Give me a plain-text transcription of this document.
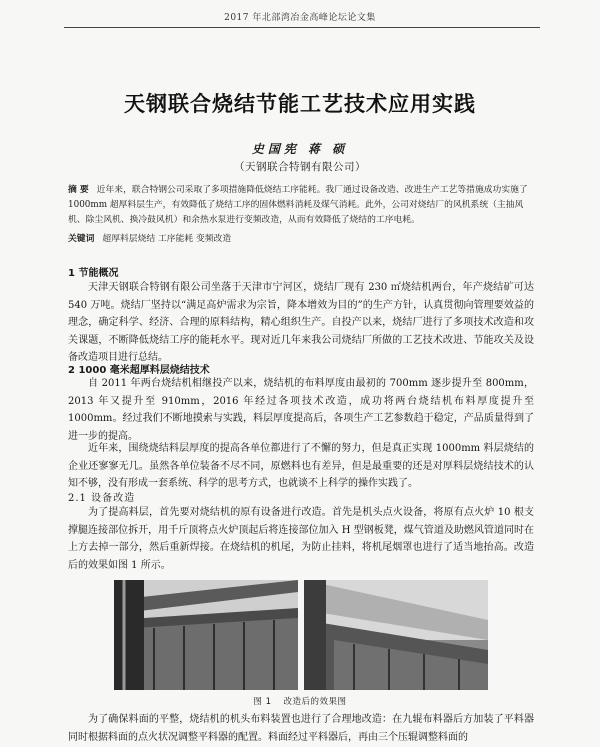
2017 年北部湾冶金高峰论坛论文集
天钢联合烧结节能工艺技术应用实践
史国宪 蒋 硕
（天钢联合特钢有限公司）
摘 要 近年来，联合特钢公司采取了多项措施降低烧结工序能耗。我厂通过设备改造、改进生产工艺等措施成功实施了 1000mm 超厚料层生产，有效降低了烧结工序的固体燃料消耗及煤气消耗。此外，公司对烧结厂的风机系统（主抽风机、除尘风机、换冷鼓风机）和余热水泵进行变频改造，从而有效降低了烧结的工序电耗。
关键词 超厚料层烧结 工序能耗 变频改造
1 节能概况
天津天钢联合特钢有限公司坐落于天津市宁河区，烧结厂现有 230 ㎡烧结机两台，年产烧结矿可达 540 万吨。烧结厂坚持以“满足高炉需求为宗旨，降本增效为目的”的生产方针，认真贯彻向管理要效益的理念，确定科学、经济、合理的原料结构，精心组织生产。自投产以来，烧结厂进行了多项技术改造和攻关课题，不断降低烧结工序的能耗水平。现对近几年来我公司烧结厂所做的工艺技术改进、节能攻关及设备改造项目进行总结。
2 1000 毫米超厚料层烧结技术
自 2011 年两台烧结机相继投产以来，烧结机的布料厚度由最初的 700mm 逐步提升至 800mm，2013 年又提升至 910mm，2016 年经过各项技术改造，成功将两台烧结机布料厚度提升至 1000mm。经过我们不断地摸索与实践，料层厚度提高后，各项生产工艺参数趋于稳定，产品质量得到了进一步的提高。
近年来，围绕烧结料层厚度的提高各单位都进行了不懈的努力，但是真正实现 1000mm 料层烧结的企业还寥寥无几。虽然各单位装备不尽不同，原燃料也有差异，但是最重要的还是对厚料层烧结技术的认知不够，没有形成一套系统、科学的思考方式，也就谈不上科学的操作实践了。
2.1 设备改造
为了提高料层，首先要对烧结机的原有设备进行改造。首先是机头点火设备，将原有点火炉 10 根支撑腿连接部位拆开，用千斤顶将点火炉顶起后将连接部位加入 H 型钢板凳，煤气管道及助燃风管道同时在上方去掉一部分，然后重新焊接。在烧结机的机尾，为防止挂料，将机尾烟罩也进行了适当地抬高。改造后的效果如图 1 所示。
图 1 改造后的效果图
为了确保料面的平整，烧结机的机头布料装置也进行了合理地改造：在九辊布料器后方加装了平料器同时根据料面的点火状况调整平料器的配置。料面经过平料器后，再由三个压辊调整料面的
